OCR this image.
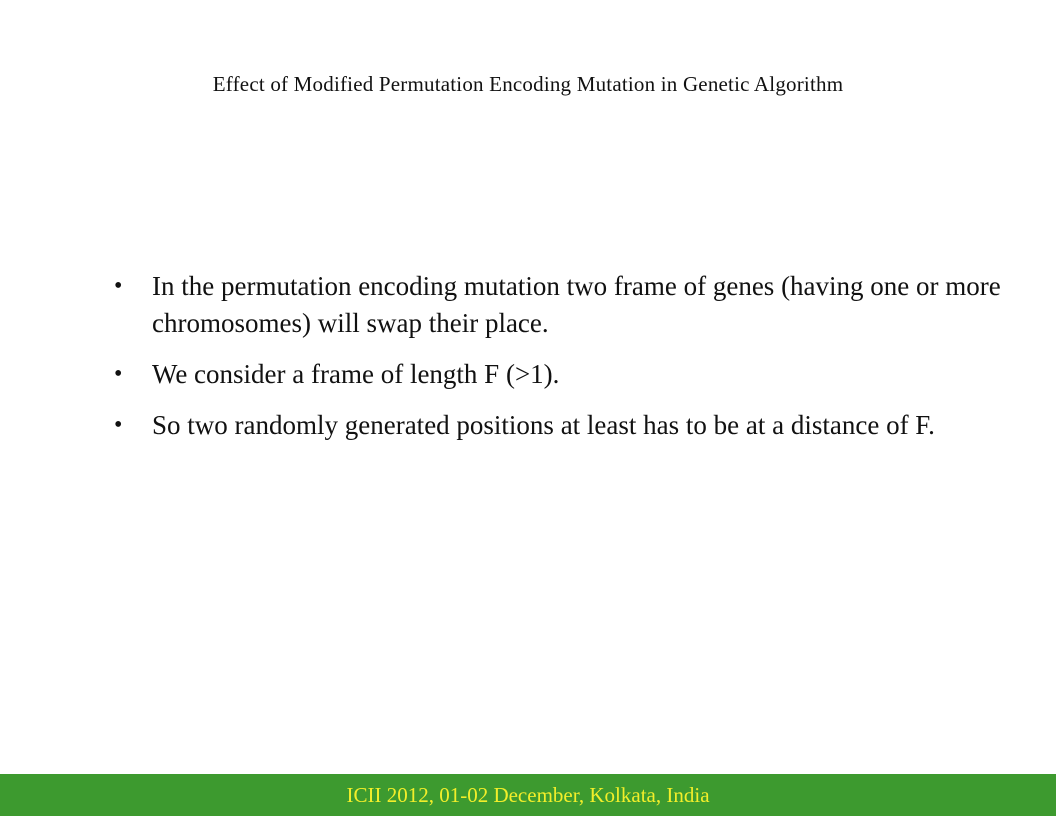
Effect of Modified Permutation Encoding Mutation in Genetic Algorithm
• In the permutation encoding mutation two frame of genes (having one or more chromosomes) will swap their place.
• We consider a frame of length F (>1).
• So two randomly generated positions at least has to be at a distance of F.
ICII 2012, 01-02 December, Kolkata, India
